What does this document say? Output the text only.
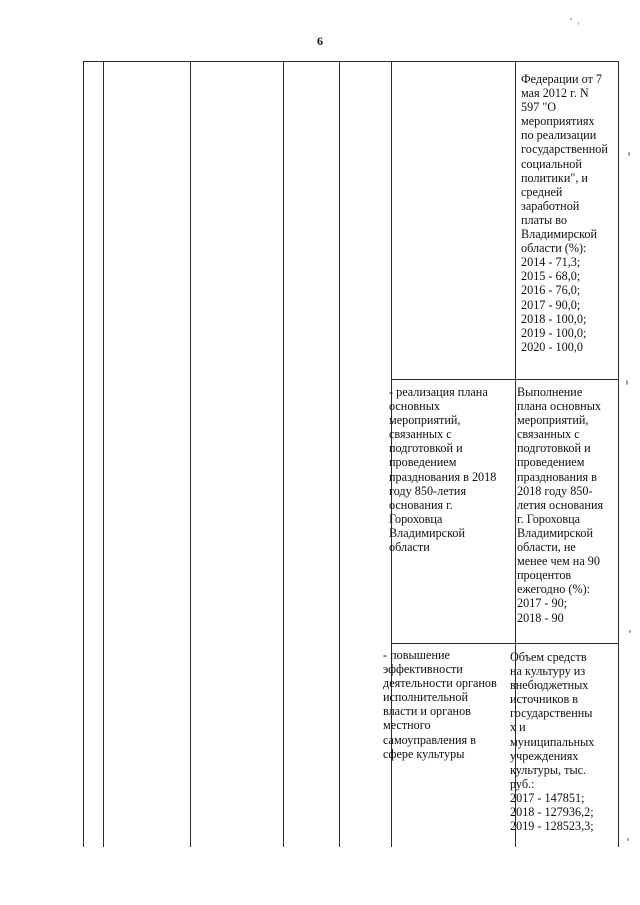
6
Федерации от 7
мая 2012 г. N
597 "О
мероприятиях
по реализации
государственной
социальной
политики", и
средней
заработной
платы во
Владимирской
области (%):
2014 - 71,3;
2015 - 68,0;
2016 - 76,0;
2017 - 90,0;
2018 - 100,0;
2019 - 100,0;
2020 - 100,0
- реализация плана
основных
мероприятий,
связанных с
подготовкой и
проведением
празднования в 2018
году 850-летия
основания г.
Гороховца
Владимирской
области
Выполнение
плана основных
мероприятий,
связанных с
подготовкой и
проведением
празднования в
2018 году 850-
летия основания
г. Гороховца
Владимирской
области, не
менее чем на 90
процентов
ежегодно (%):
2017 - 90;
2018 - 90
- повышение
эффективности
деятельности органов
исполнительной
власти и органов
местного
самоуправления в
сфере культуры
Объем средств
на культуру из
внебюджетных
источников в
государственны
х и
муниципальных
учреждениях
культуры, тыс.
руб.:
2017 - 147851;
2018 - 127936,2;
2019 - 128523,3;
